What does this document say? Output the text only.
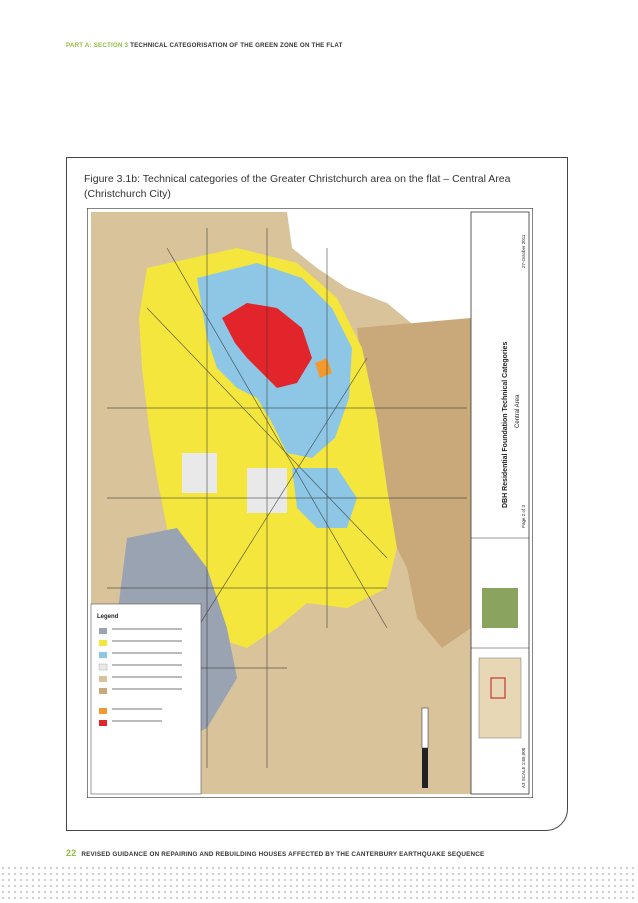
PART A: SECTION 3 TECHNICAL CATEGORISATION OF THE GREEN ZONE ON THE FLAT
Figure 3.1b: Technical categories of the Greater Christchurch area on the flat – Central Area (Christchurch City)
Legend
DBH Residential Foundation Technical Categories Central Area
Page 2 of 3
27-October 2011
A3 SCALE 1:65,000
22 REVISED GUIDANCE ON REPAIRING AND REBUILDING HOUSES AFFECTED BY THE CANTERBURY EARTHQUAKE SEQUENCE
